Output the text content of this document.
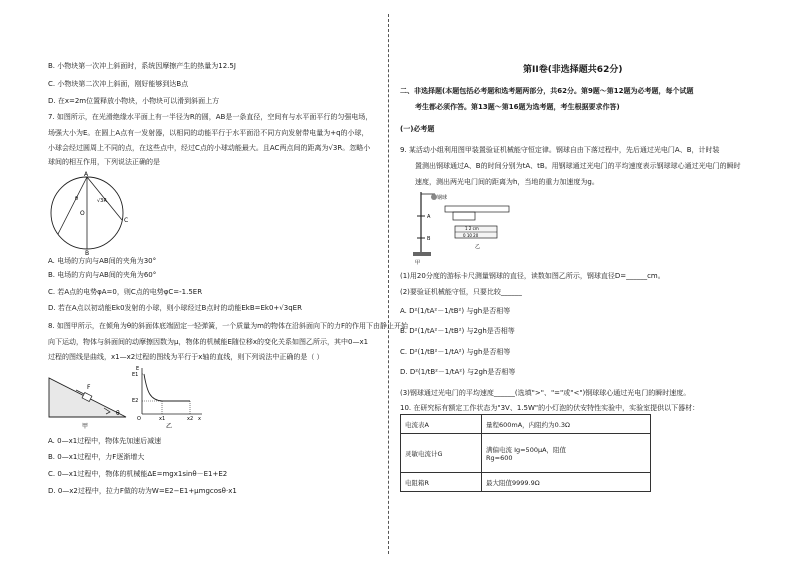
B. 小物块第一次冲上斜面时，系统因摩擦产生的热量为12.5J
C. 小物块第二次冲上斜面，刚好能够到达B点
D. 在x=2m位置释放小物块，小物块可以滑到斜面上方
7. 如图所示，在光滑绝缘水平面上有一半径为R的圆，AB是一条直径，空间有与水平面平行的匀强电场，
场强大小为E。在圆上A点有一发射器，以相同的动能平行于水平面沿不同方向发射带电量为+q的小球，
小球会经过圆周上不同的点，在这些点中，经过C点的小球动能最大。且AC两点间的距离为√3R。忽略小
球间的相互作用，下列说法正确的是
A
B
C
O
θ	√3R
A. 电场的方向与AB间的夹角为30°
B. 电场的方向与AB间的夹角为60°
C. 若A点的电势φA=0，则C点的电势φC=-1.5ER
D. 若在A点以初动能Ek0发射的小球，则小球经过B点时的动能EkB=Ek0+√3qER
8. 如图甲所示，在倾角为θ的斜面体底端固定一轻弹簧，一个质量为m的物体在沿斜面向下的力F的作用下由静止开始
向下运动，物体与斜面间的动摩擦因数为μ，物体的机械能E随位移x的变化关系如图乙所示，其中0—x1
过程的图线是曲线，x1—x2过程的图线为平行于x轴的直线，则下列说法中正确的是（ ）
F
θ
甲
E
E1
E2
O	x1	x2 x
乙
A. 0—x1过程中，物体先加速后减速
B. 0—x1过程中，力F逐渐增大
C. 0—x1过程中，物体的机械能ΔE=mgx1sinθ－E1+E2
D. 0—x2过程中，拉力F做的功为W=E2−E1+μmgcosθ·x1
第II卷(非选择题共62分)
二、非选择题(本题包括必考题和选考题两部分，共62分。第9题～第12题为必考题，每个试题
考生都必须作答。第13题～第16题为选考题，考生根据要求作答)
(一)必考题
9. 某活动小组利用图甲装置验证机械能守恒定律。钢球自由下落过程中，先后通过光电门A、B，计时装
置测出钢球通过A、B的时间分别为tA、tB。用钢球通过光电门的平均速度表示钢球球心通过光电门的瞬时
速度，测出两光电门间的距离为h，当地的重力加速度为g。
钢球
A
B
甲
1 2 cm
0 10 20
乙
(1)用20分度的游标卡尺测量钢球的直径，读数如图乙所示，钢球直径D=______cm。
(2)要验证机械能守恒，只要比较______
A. D²(1/tA²－1/tB²) 与gh是否相等
B. D²(1/tA²－1/tB²) 与2gh是否相等
C. D²(1/tB²－1/tA²) 与gh是否相等
D. D²(1/tB²－1/tA²) 与2gh是否相等
(3)钢球通过光电门的平均速度______(选填">"、"="或"<")钢球球心通过光电门的瞬时速度。
10. 在研究标有额定工作状态为"3V、1.5W"的小灯泡的伏安特性实验中，实验室提供以下器材：
电流表A	量程600mA，内阻约为0.3Ω
灵敏电流计G	满偏电流 Ig=500μA，阻值
Rg=600
电阻箱R	最大阻值9999.9Ω
